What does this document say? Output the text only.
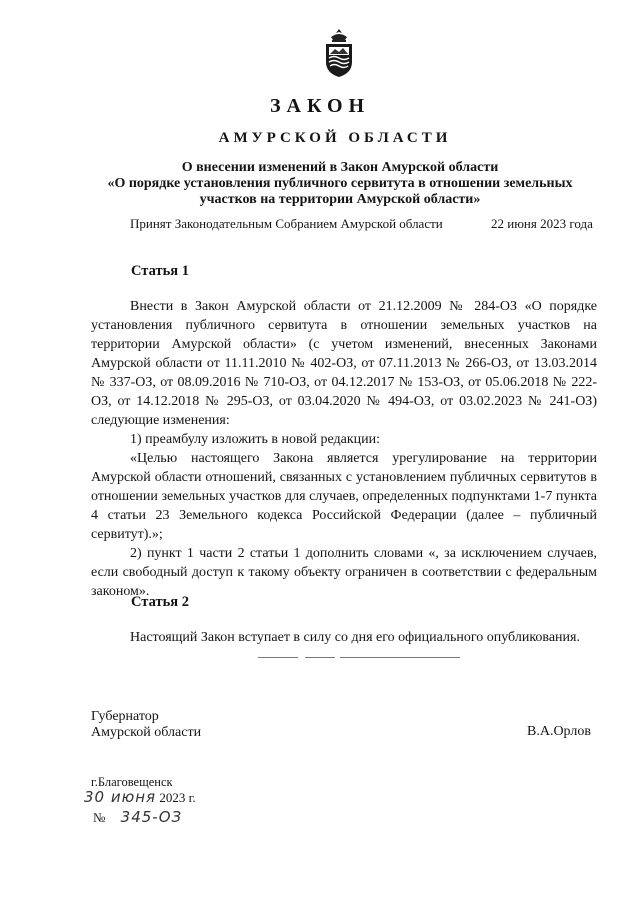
ЗАКОН
АМУРСКОЙ ОБЛАСТИ
О внесении изменений в Закон Амурской области
«О порядке установления публичного сервитута в отношении земельных
участков на территории Амурской области»
Принят Законодательным Собранием Амурской области	22 июня 2023 года
Статья 1

Внести в Закон Амурской области от 21.12.2009 № 284-ОЗ «О порядке установления публичного сервитута в отношении земельных участков на территории Амурской области» (с учетом изменений, внесенных Законами Амурской области от 11.11.2010 № 402-ОЗ, от 07.11.2013 № 266-ОЗ, от 13.03.2014 № 337-ОЗ, от 08.09.2016 № 710-ОЗ, от 04.12.2017 № 153-ОЗ, от 05.06.2018 № 222-ОЗ, от 14.12.2018 № 295-ОЗ, от 03.04.2020 № 494-ОЗ, от 03.02.2023 № 241-ОЗ) следующие изменения:

1) преамбулу изложить в новой редакции:

«Целью настоящего Закона является урегулирование на территории Амурской области отношений, связанных с установлением публичных сервитутов в отношении земельных участков для случаев, определенных подпунктами 1-7 пункта 4 статьи 23 Земельного кодекса Российской Федерации (далее – публичный сервитут).»;

2) пункт 1 части 2 статьи 1 дополнить словами «, за исключением случаев, если свободный доступ к такому объекту ограничен в соответствии с федеральным законом».

Статья 2

Настоящий Закон вступает в силу со дня его официального опубликования.

Губернатор
Амурской области	В.А.Орлов
г.Благовещенск
30 июня 2023 г.
№ 345-ОЗ
